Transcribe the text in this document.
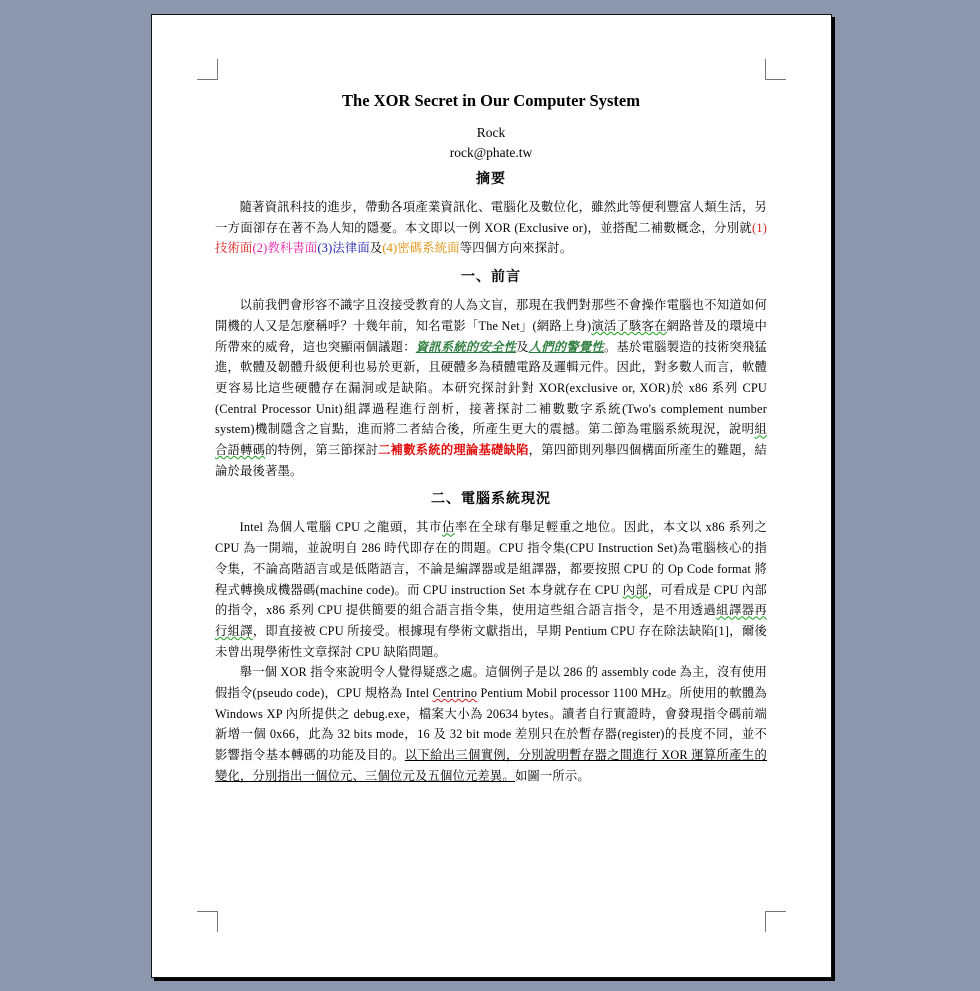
The XOR Secret in Our Computer System

Rock

rock@phate.tw

摘要

隨著資訊科技的進步，帶動各項產業資訊化、電腦化及數位化，雖然此等便利豐富人類生活，另一方面卻存在著不為人知的隱憂。本文即以一例 XOR (Exclusive or)，並搭配二補數概念，分別就(1)技術面(2)教科書面(3)法律面及(4)密碼系統面等四個方向來探討。

一、前言

以前我們會形容不識字且沒接受教育的人為文盲，那現在我們對那些不會操作電腦也不知道如何開機的人又是怎麼稱呼？十幾年前，知名電影「The Net」(網路上身)演活了駭客在網路普及的環境中所帶來的威脅，這也突顯兩個議題：資訊系統的安全性及人們的警覺性。基於電腦製造的技術突飛猛進，軟體及韌體升級便利也易於更新，且硬體多為積體電路及邏輯元件。因此，對多數人而言，軟體更容易比這些硬體存在漏洞或是缺陷。本研究探討針對 XOR(exclusive or, XOR)於 x86 系列 CPU (Central Processor Unit)組譯過程進行剖析，接著探討二補數數字系統(Two's complement number system)機制隱含之盲點，進而將二者結合後，所產生更大的震撼。第二節為電腦系統現況，說明組合語轉碼的特例，第三節探討二補數系統的理論基礎缺陷，第四節則列舉四個構面所產生的難題，結論於最後著墨。

二、電腦系統現況

Intel 為個人電腦 CPU 之龍頭，其市佔率在全球有舉足輕重之地位。因此，本文以 x86 系列之 CPU 為一開端，並說明自 286 時代即存在的問題。CPU 指令集(CPU Instruction Set)為電腦核心的指令集，不論高階語言或是低階語言，不論是編譯器或是組譯器，都要按照 CPU 的 Op Code format 將程式轉換成機器碼(machine code)。而 CPU instruction Set 本身就存在 CPU 內部，可看成是 CPU 內部的指令，x86 系列 CPU 提供簡要的組合語言指令集，使用這些組合語言指令，是不用透過組譯器再行組譯，即直接被 CPU 所接受。根據現有學術文獻指出，早期 Pentium CPU 存在除法缺陷[1]，爾後未曾出現學術性文章探討 CPU 缺陷問題。

舉一個 XOR 指令來說明令人覺得疑惑之處。這個例子是以 286 的 assembly code 為主，沒有使用假指令(pseudo code)，CPU 規格為 Intel Centrino Pentium Mobil processor 1100 MHz。所使用的軟體為 Windows XP 內所提供之 debug.exe，檔案大小為 20634 bytes。讀者自行實證時，會發現指令碼前端新增一個 0x66，此為 32 bits mode，16 及 32 bit mode 差別只在於暫存器(register)的長度不同，並不影響指令基本轉碼的功能及目的。以下給出三個實例，分別說明暫存器之間進行 XOR 運算所產生的變化，分別指出一個位元、三個位元及五個位元差異。如圖一所示。
